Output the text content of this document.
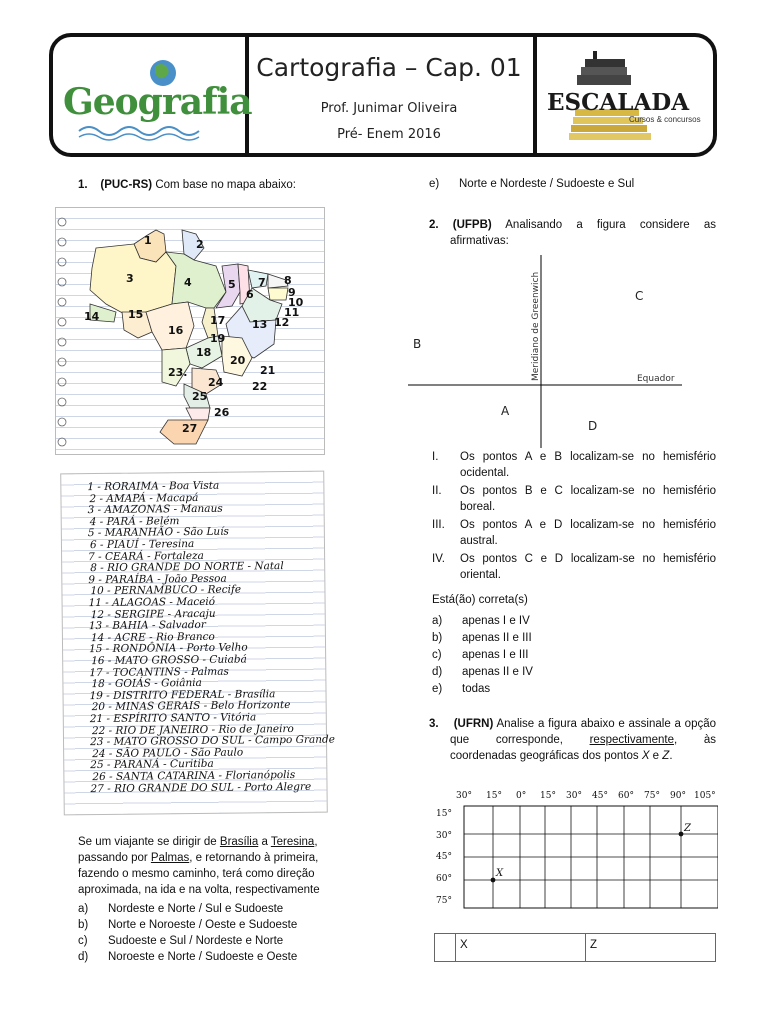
Geografia
Cartografia – Cap. 01
Prof. Junimar Oliveira
Pré- Enem 2016
ESCALADA
Cursos & concursos
1. (PUC-RS) Com base no mapa abaixo:
1	2
3	4	5
6
7 8
9
10
11
12
13
14	15
16
17
18
19
20
21
22
23.
24
25
26
27
1 - RORAIMA - Boa Vista
2 - AMAPÁ - Macapá
3 - AMAZONAS - Manaus
4 - PARÁ - Belém
5 - MARANHÃO - São Luís
6 - PIAUÍ - Teresina
7 - CEARÁ - Fortaleza
8 - RIO GRANDE DO NORTE - Natal
9 - PARAÍBA - João Pessoa
10 - PERNAMBUCO - Recife
11 - ALAGOAS - Maceió
12 - SERGIPE - Aracaju
13 - BAHIA - Salvador
14 - ACRE - Rio Branco
15 - RONDÔNIA - Porto Velho
16 - MATO GROSSO - Cuiabá
17 - TOCANTINS - Palmas
18 - GOIÁS - Goiânia
19 - DISTRITO FEDERAL - Brasília
20 - MINAS GERAIS - Belo Horizonte
21 - ESPÍRITO SANTO - Vitória
22 - RIO DE JANEIRO - Rio de Janeiro
23 - MATO GROSSO DO SUL - Campo Grande
24 - SÃO PAULO - São Paulo
25 - PARANÁ - Curitiba
26 - SANTA CATARINA - Florianópolis
27 - RIO GRANDE DO SUL - Porto Alegre
Se um viajante se dirigir de Brasília a Teresina,
passando por Palmas, e retornando à primeira,
fazendo o mesmo caminho, terá como direção
aproximada, na ida e na volta, respectivamente
a) Nordeste e Norte / Sul e Sudoeste
b) Norte e Noroeste / Oeste e Sudoeste
c) Sudoeste e Sul / Nordeste e Norte
d) Noroeste e Norte / Sudoeste e Oeste
e) Norte e Nordeste / Sudoeste e Sul
2. (UFPB) Analisando a figura considere as
afirmativas:
Meridiano de Greenwich	Equador
B
C
A
D
I.	Os pontos A e B localizam-se no hemisfério
ocidental.
II.	Os pontos B e C localizam-se no hemisfério
boreal.
III.	Os pontos A e D localizam-se no hemisfério
austral.
IV.	Os pontos C e D localizam-se no hemisfério
oriental.
Está(ão) correta(s)
a) apenas I e IV
b) apenas II e III
c) apenas I e III
d) apenas II e IV
e) todas
3. (UFRN) Analise a figura abaixo e assinale a opção
que corresponde, respectivamente, às
coordenadas geográficas dos pontos X e Z.
30° 15° 0° 15° 30° 45° 60° 75° 90° 105°
15°
30°
45°
60°
75°
X
Z
X	Z
